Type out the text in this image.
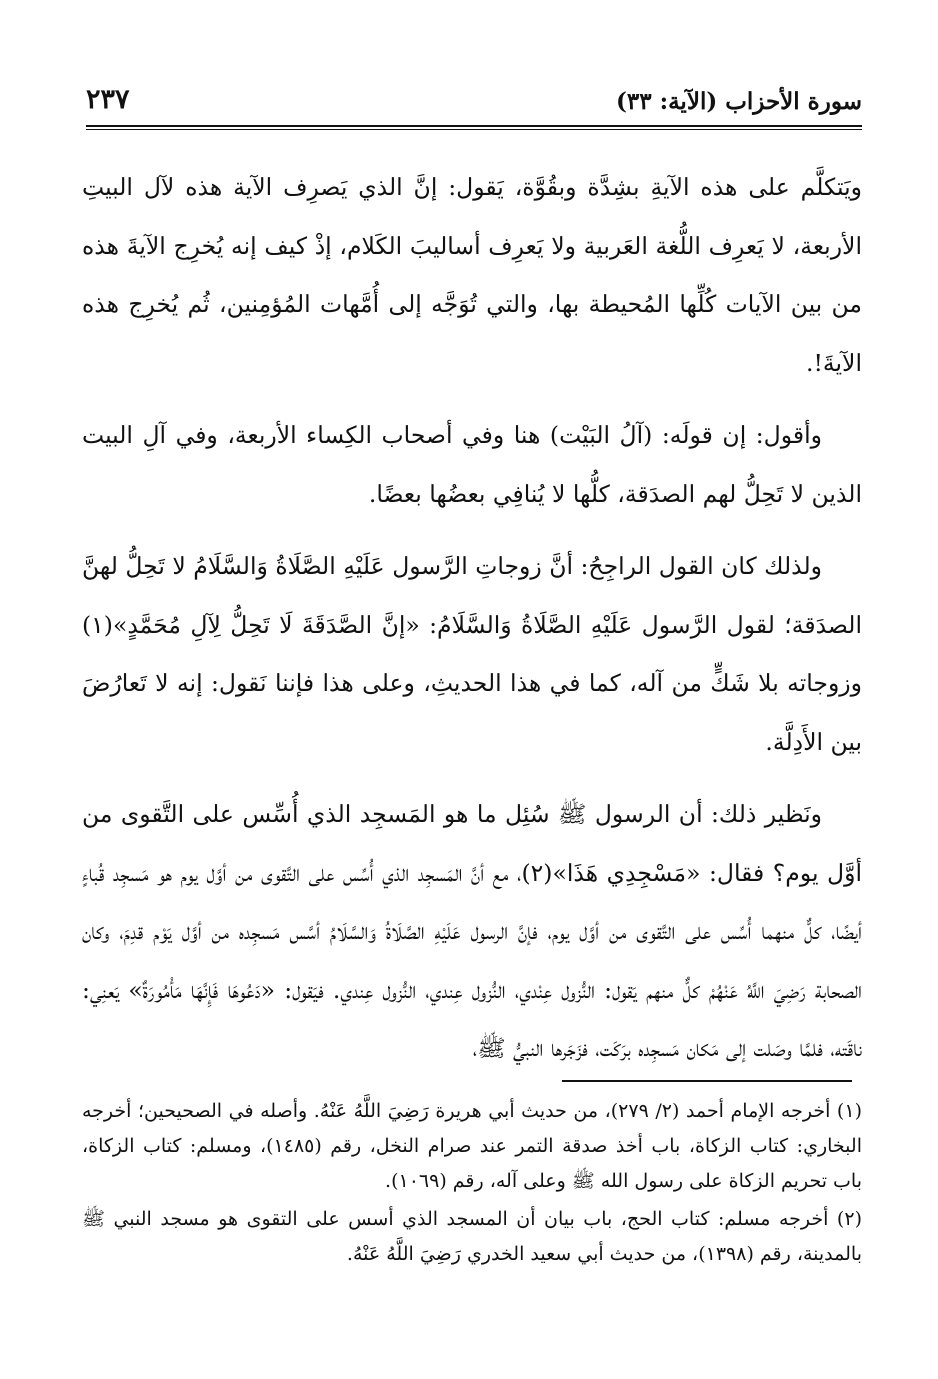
سورة الأحزاب (الآية: ٣٣)
٢٣٧

ويَتكلَّم على هذه الآيةِ بشِدَّة وبقُوَّة، يَقول: إنَّ الذي يَصرِف الآية هذه لآل البيتِ الأربعة، لا يَعرِف اللُّغة العَربية ولا يَعرِف أساليبَ الكَلام، إذْ كيف إنه يُخرِج الآيةَ هذه من بين الآيات كُلِّها المُحيطة بها، والتي تُوَجَّه إلى أُمَّهات المُؤمِنين، ثُم يُخرِج هذه الآيةَ!.

وأقول: إن قولَه: (آلُ البَيْت) هنا وفي أصحاب الكِساء الأربعة، وفي آلِ البيت الذين لا تَحِلُّ لهم الصدَقة، كلُّها لا يُنافِي بعضُها بعضًا.

ولذلك كان القول الراجِحُ: أنَّ زوجاتِ الرَّسول عَلَيْهِ الصَّلَاةُ وَالسَّلَامُ لا تَحِلُّ لهنَّ الصدَقة؛ لقول الرَّسول عَلَيْهِ الصَّلَاةُ وَالسَّلَامُ: «إنَّ الصَّدَقَةَ لَا تَحِلُّ لِآلِ مُحَمَّدٍ»(١) وزوجاته بلا شَكٍّ من آله، كما في هذا الحديثِ، وعلى هذا فإننا نَقول: إنه لا تَعارُضَ بين الأَدِلَّة.

ونَظير ذلك: أن الرسول ﷺ سُئِل ما هو المَسجِد الذي أُسِّس على التَّقوى من أوَّل يوم؟ فقال: «مَسْجِدِي هَذَا»(٢)، مع أنَّ المَسجِد الذي أُسِّس على التَّقوى من أوَّل يوم هو مَسجِد قُباءٍ أيضًا، كلٌّ منهما أُسِّس على التَّقوى من أوَّل يوم، فإنَّ الرسول عَلَيْهِ الصَّلَاةُ وَالسَّلَامُ أسَّس مَسجِده من أوَّل يَوْم قدِمَ، وكان الصحابة رَضِيَ اللَّهُ عَنْهُمْ كلٌّ منهم يَقول: النُّزول عِنْدي، النُّزول عِندي، النُّزول عِندي. فيَقول: «دَعُوهَا فَإِنَّهَا مَأْمُورَةٌ» يَعنِي: ناقَته، فلمَّا وصَلت إلى مَكان مَسجِده برَكَت، فزَجَرها النبيُّ ﷺ،

(١) أخرجه الإمام أحمد (٢/ ٢٧٩)، من حديث أبي هريرة رَضِيَ اللَّهُ عَنْهُ. وأصله في الصحيحين؛ أخرجه البخاري: كتاب الزكاة، باب أخذ صدقة التمر عند صرام النخل، رقم (١٤٨٥)، ومسلم: كتاب الزكاة، باب تحريم الزكاة على رسول الله ﷺ وعلى آله، رقم (١٠٦٩).

(٢) أخرجه مسلم: كتاب الحج، باب بيان أن المسجد الذي أسس على التقوى هو مسجد النبي ﷺ بالمدينة، رقم (١٣٩٨)، من حديث أبي سعيد الخدري رَضِيَ اللَّهُ عَنْهُ.
